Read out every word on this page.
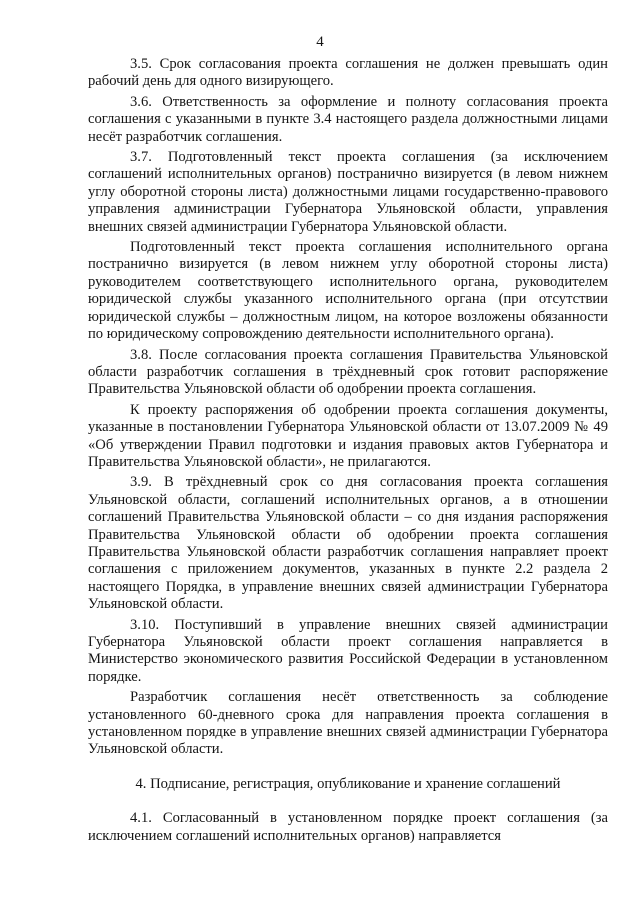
4

3.5. Срок согласования проекта соглашения не должен превышать один рабочий день для одного визирующего.

3.6. Ответственность за оформление и полноту согласования проекта соглашения с указанными в пункте 3.4 настоящего раздела должностными лицами несёт разработчик соглашения.

3.7. Подготовленный текст проекта соглашения (за исключением соглашений исполнительных органов) постранично визируется (в левом нижнем углу оборотной стороны листа) должностными лицами государственно-правового управления администрации Губернатора Ульяновской области, управления внешних связей администрации Губернатора Ульяновской области.

Подготовленный текст проекта соглашения исполнительного органа постранично визируется (в левом нижнем углу оборотной стороны листа) руководителем соответствующего исполнительного органа, руководителем юридической службы указанного исполнительного органа (при отсутствии юридической службы – должностным лицом, на которое возложены обязанности по юридическому сопровождению деятельности исполнительного органа).

3.8. После согласования проекта соглашения Правительства Ульяновской области разработчик соглашения в трёхдневный срок готовит распоряжение Правительства Ульяновской области об одобрении проекта соглашения.

К проекту распоряжения об одобрении проекта соглашения документы, указанные в постановлении Губернатора Ульяновской области от 13.07.2009 № 49 «Об утверждении Правил подготовки и издания правовых актов Губернатора и Правительства Ульяновской области», не прилагаются.

3.9. В трёхдневный срок со дня согласования проекта соглашения Ульяновской области, соглашений исполнительных органов, а в отношении соглашений Правительства Ульяновской области – со дня издания распоряжения Правительства Ульяновской области об одобрении проекта соглашения Правительства Ульяновской области разработчик соглашения направляет проект соглашения с приложением документов, указанных в пункте 2.2 раздела 2 настоящего Порядка, в управление внешних связей администрации Губернатора Ульяновской области.

3.10. Поступивший в управление внешних связей администрации Губернатора Ульяновской области проект соглашения направляется в Министерство экономического развития Российской Федерации в установленном порядке.

Разработчик соглашения несёт ответственность за соблюдение установленного 60-дневного срока для направления проекта соглашения в установленном порядке в управление внешних связей администрации Губернатора Ульяновской области.

4. Подписание, регистрация, опубликование и хранение соглашений

4.1. Согласованный в установленном порядке проект соглашения (за исключением соглашений исполнительных органов) направляется
